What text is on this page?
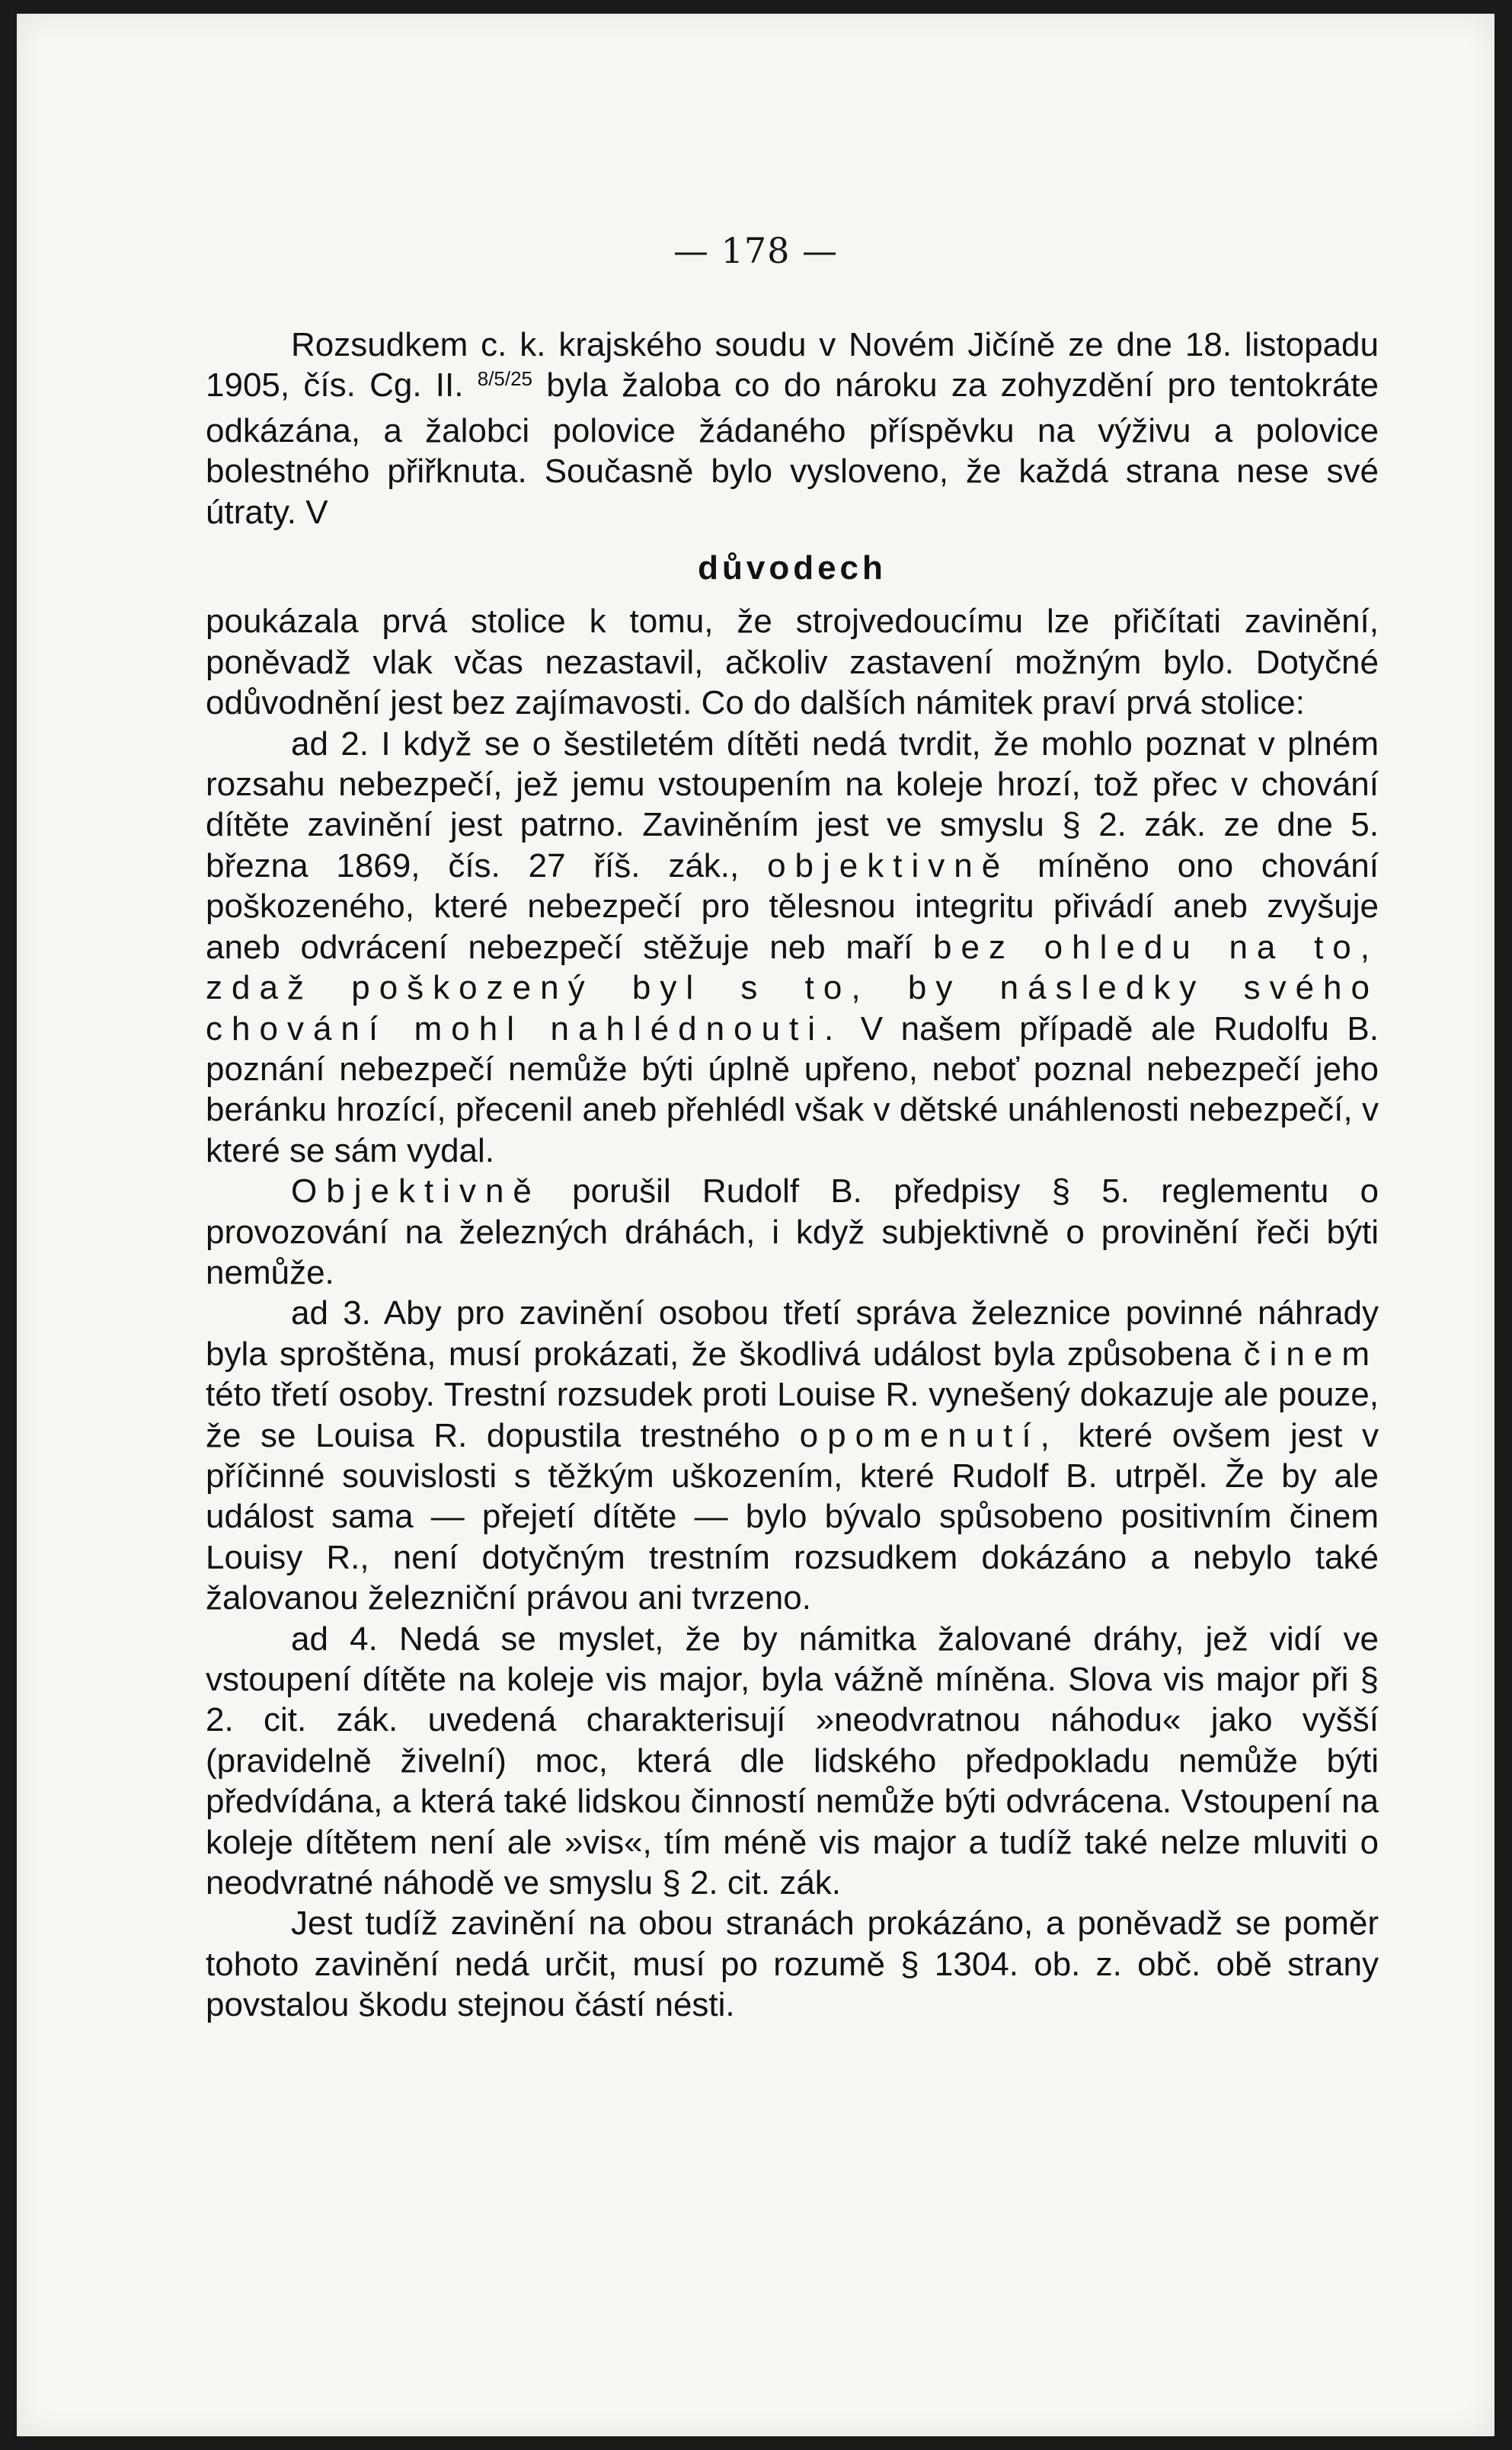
— 178 —

Rozsudkem c. k. krajského soudu v Novém Jičíně ze dne 18. listopadu 1905, čís. Cg. II. $^{8/5/25}$ byla žaloba co do nároku za zohyzdění pro tentokráte odkázána, a žalobci polovice žádaného příspěvku na výživu a polovice bolestného přiřknuta. Současně bylo vysloveno, že každá strana nese své útraty. V

důvodech

poukázala prvá stolice k tomu, že strojvedoucímu lze přičítati zavinění, poněvadž vlak včas nezastavil, ačkoliv zastavení možným bylo. Dotyčné odůvodnění jest bez zajímavosti. Co do dalších námitek praví prvá stolice:

ad 2. I když se o šestiletém dítěti nedá tvrdit, že mohlo poznat v plném rozsahu nebezpečí, jež jemu vstoupením na koleje hrozí, tož přec v chování dítěte zavinění jest patrno. Zaviněním jest ve smyslu § 2. zák. ze dne 5. března 1869, čís. 27 říš. zák., objektivně míněno ono chování poškozeného, které nebezpečí pro tělesnou integritu přivádí aneb zvyšuje aneb odvrácení nebezpečí stěžuje neb maří bez ohledu na to, zdaž poškozený byl s to, by následky svého chování mohl nahlédnouti. V našem případě ale Rudolfu B. poznání nebezpečí nemůže býti úplně upřeno, neboť poznal nebezpečí jeho beránku hrozící, přecenil aneb přehlédl však v dětské unáhlenosti nebezpečí, v které se sám vydal.

Objektivně porušil Rudolf B. předpisy § 5. reglementu o provozování na železných dráhách, i když subjektivně o provinění řeči býti nemůže.

ad 3. Aby pro zavinění osobou třetí správa železnice povinné náhrady byla sproštěna, musí prokázati, že škodlivá událost byla způsobena činem této třetí osoby. Trestní rozsudek proti Louise R. vynešený dokazuje ale pouze, že se Louisa R. dopustila trestného opomenutí, které ovšem jest v příčinné souvislosti s těžkým uškozením, které Rudolf B. utrpěl. Že by ale událost sama — přejetí dítěte — bylo bývalo spůsobeno positivním činem Louisy R., není dotyčným trestním rozsudkem dokázáno a nebylo také žalovanou železniční právou ani tvrzeno.

ad 4. Nedá se myslet, že by námitka žalované dráhy, jež vidí ve vstoupení dítěte na koleje vis major, byla vážně míněna. Slova vis major při § 2. cit. zák. uvedená charakterisují »neodvratnou náhodu« jako vyšší (pravidelně živelní) moc, která dle lidského předpokladu nemůže býti předvídána, a která také lidskou činností nemůže býti odvrácena. Vstoupení na koleje dítětem není ale »vis«, tím méně vis major a tudíž také nelze mluviti o neodvratné náhodě ve smyslu § 2. cit. zák.

Jest tudíž zavinění na obou stranách prokázáno, a poněvadž se poměr tohoto zavinění nedá určit, musí po rozumě § 1304. ob. z. obč. obě strany povstalou škodu stejnou částí nésti.
